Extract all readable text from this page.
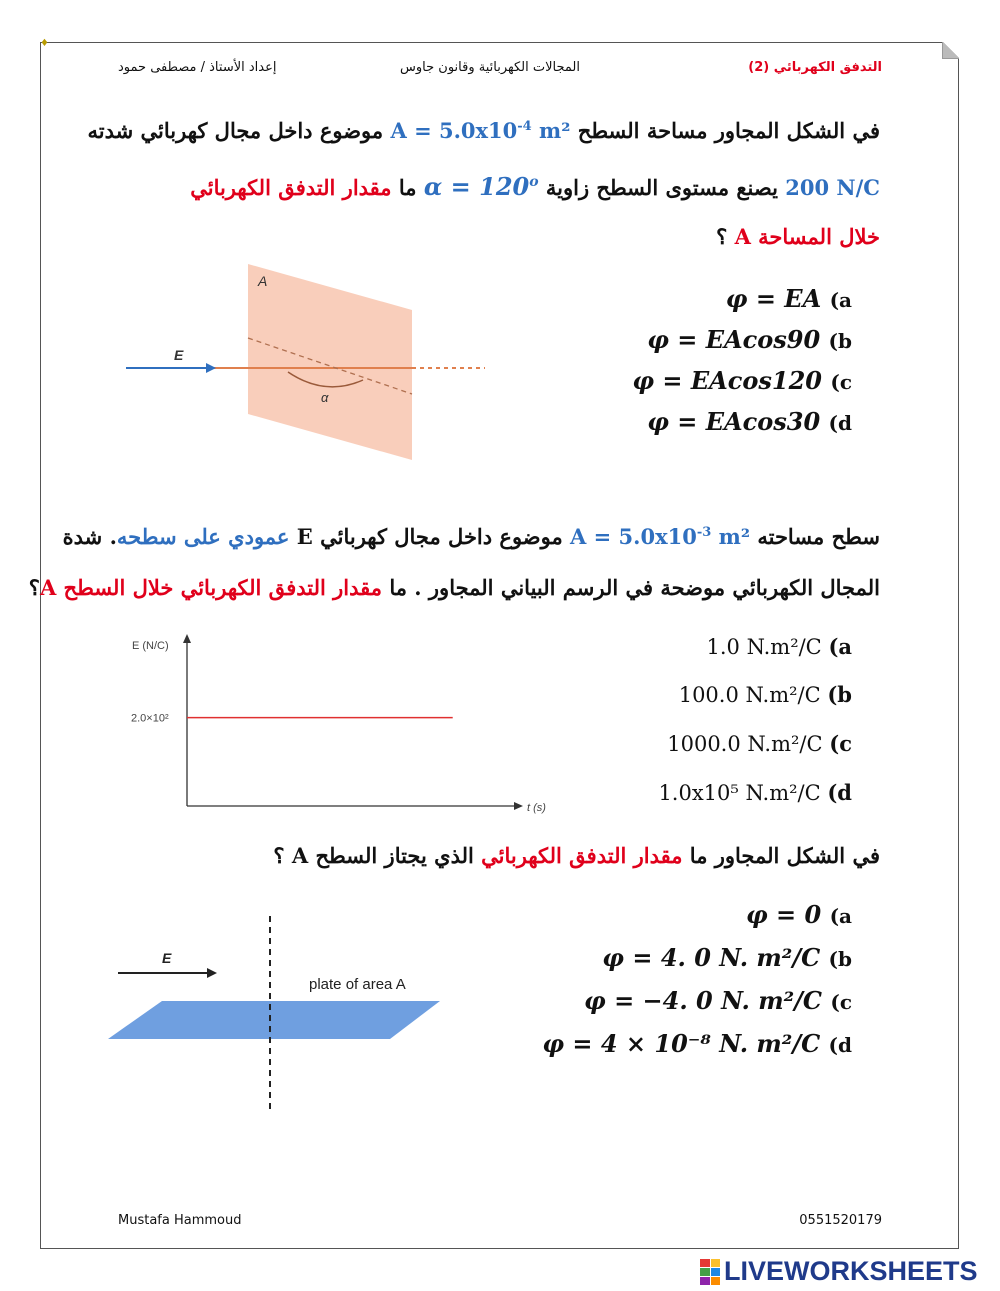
♦
التدفق الكهربائي (2)
المجالات الكهربائية وقانون جاوس
إعداد الأستاذ / مصطفى حمود
في الشكل المجاور مساحة السطح $A = 5.0x10^{-4}$ m² موضوع داخل مجال كهربائي شدته
200 N/C يصنع مستوى السطح زاوية $\alpha = 120^o$ ما مقدار التدفق الكهربائي
خلال المساحة A ؟
A
E
α
φ = EA (a
φ = EAcos90 (b
φ = EAcos120 (c
φ = EAcos30 (d
سطح مساحته $A = 5.0x10^{-3}$ m² موضوع داخل مجال كهربائي E عمودي على سطحه. شدة
المجال الكهربائي موضحة في الرسم البياني المجاور . ما مقدار التدفق الكهربائي خلال السطح A؟
E (N/C)
t (s)
2.0×10²
1.0 N.m²/C (a
100.0 N.m²/C (b
1000.0 N.m²/C (c
1.0x10⁵ N.m²/C (d
في الشكل المجاور ما مقدار التدفق الكهربائي الذي يجتاز السطح A ؟
E
plate of area A
φ = 0 (a
φ = 4. 0 N. m²/C (b
φ = −4. 0 N. m²/C (c
φ = 4 × 10⁻⁸ N. m²/C (d
Mustafa Hammoud	0551520179
LIVEWORKSHEETS
